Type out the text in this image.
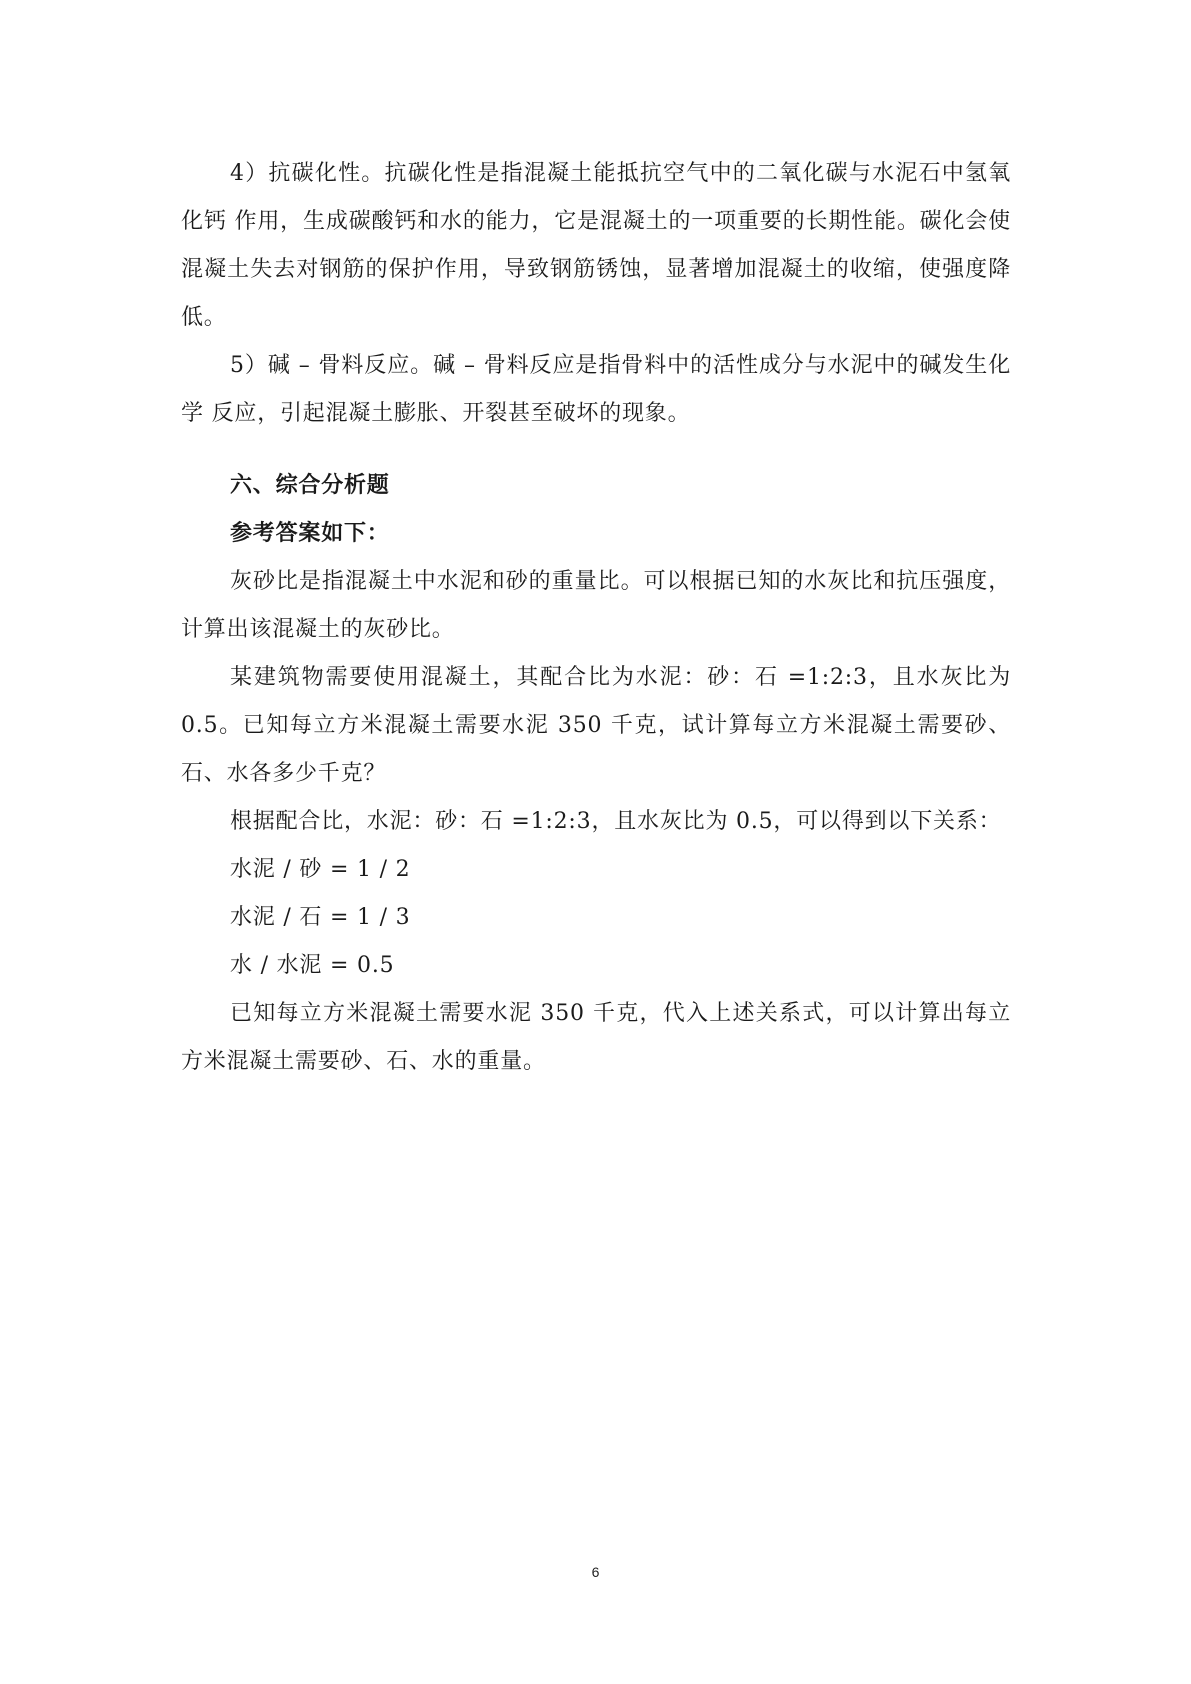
4）抗碳化性。抗碳化性是指混凝土能抵抗空气中的二氧化碳与水泥石中氢氧化钙 作用，生成碳酸钙和水的能力，它是混凝土的一项重要的长期性能。碳化会使混凝土失去对钢筋的保护作用，导致钢筋锈蚀，显著增加混凝土的收缩，使强度降低。

5）碱 – 骨料反应。碱 – 骨料反应是指骨料中的活性成分与水泥中的碱发生化学 反应，引起混凝土膨胀、开裂甚至破坏的现象。

六、综合分析题

参考答案如下：

灰砂比是指混凝土中水泥和砂的重量比。可以根据已知的水灰比和抗压强度，计算出该混凝土的灰砂比。

某建筑物需要使用混凝土，其配合比为水泥：砂：石 =1:2:3，且水灰比为0.5。已知每立方米混凝土需要水泥 350 千克，试计算每立方米混凝土需要砂、石、水各多少千克？

根据配合比，水泥：砂：石 =1:2:3，且水灰比为 0.5，可以得到以下关系：

水泥 / 砂 = 1 / 2

水泥 / 石 = 1 / 3

水 / 水泥 = 0.5

已知每立方米混凝土需要水泥 350 千克，代入上述关系式，可以计算出每立方米混凝土需要砂、石、水的重量。

6
